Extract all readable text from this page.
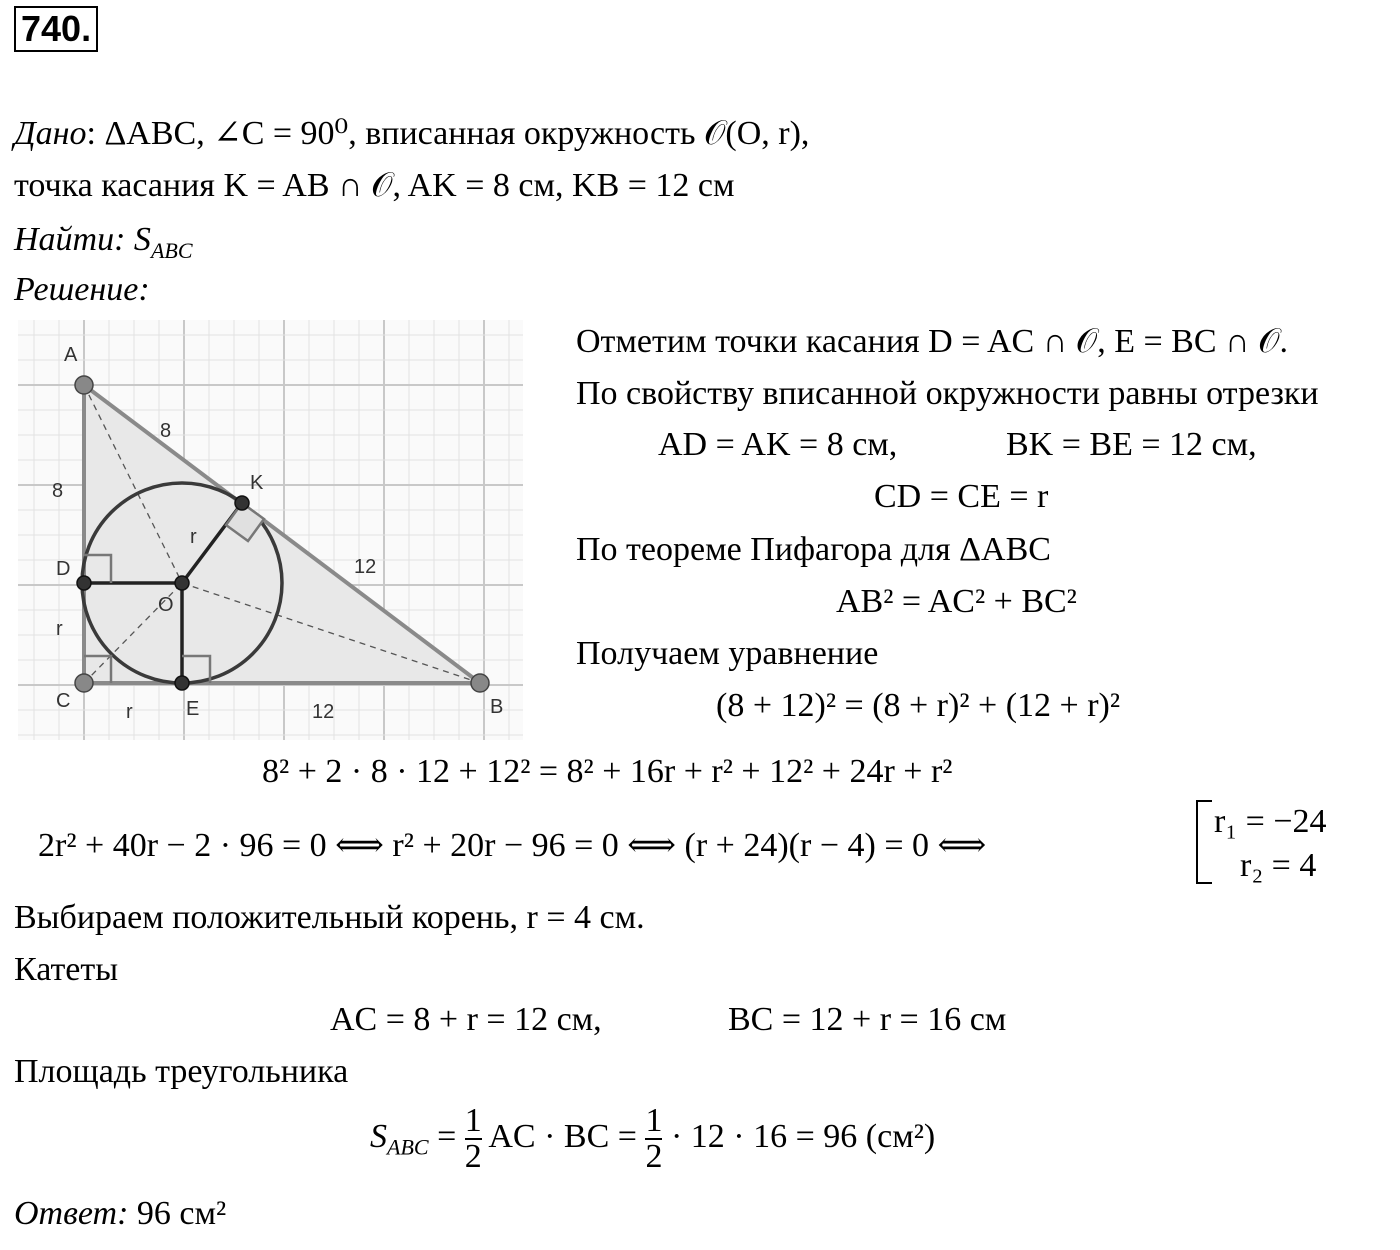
740.
Дано: ΔABC, ∠C = 90⁰, вписанная окружность 𝒪(O, r),
точка касания K = AB ∩ 𝒪, AK = 8 см, KB = 12 см
Найти: $S_{ABC}$
Решение:
A
B
C
D
E
K
O
8
8
12
12
r
r
r
Отметим точки касания D = AC ∩ 𝒪, E = BC ∩ 𝒪.
По свойству вписанной окружности равны отрезки
AD = AK = 8 см,	BK = BE = 12 см,
CD = CE = r
По теореме Пифагора для ΔABC
AB² = AC² + BC²
Получаем уравнение
(8 + 12)² = (8 + r)² + (12 + r)²
8² + 2 · 8 · 12 + 12² = 8² + 16r + r² + 12² + 24r + r²
2r² + 40r − 2 · 96 = 0 ⟺ r² + 20r − 96 = 0 ⟺ (r + 24)(r − 4) = 0 ⟺
r₁ = −24
r₂ = 4
Выбираем положительный корень, r = 4 см.
Катеты
AC = 8 + r = 12 см,	BC = 12 + r = 16 см
Площадь треугольника
$S_{ABC} = \frac{1}{2}$ AC · BC = $\frac{1}{2} \cdot 12 \cdot 16 = 96$ (см²)
Ответ: 96 см²
